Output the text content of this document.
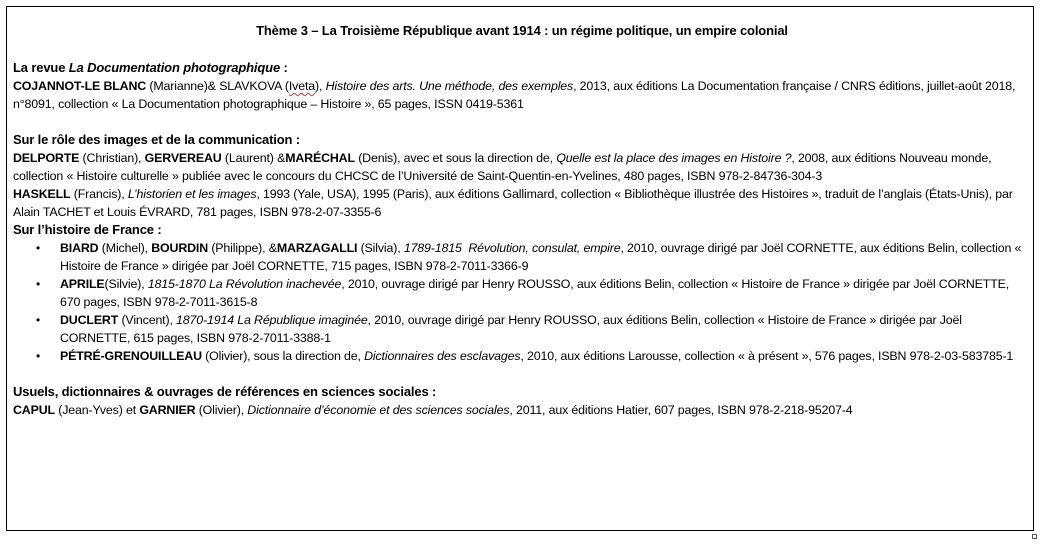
Thème 3 – La Troisième République avant 1914 : un régime politique, un empire colonial

La revue La Documentation photographique :

COJANNOT-LE BLANC (Marianne)& SLAVKOVA (Iveta), Histoire des arts. Une méthode, des exemples, 2013, aux éditions La Documentation française / CNRS éditions, juillet-août 2018, n°8091, collection « La Documentation photographique – Histoire », 65 pages, ISSN 0419-5361

Sur le rôle des images et de la communication :

DELPORTE (Christian), GERVEREAU (Laurent) &MARÉCHAL (Denis), avec et sous la direction de, Quelle est la place des images en Histoire ?, 2008, aux éditions Nouveau monde, collection « Histoire culturelle » publiée avec le concours du CHCSC de l’Université de Saint-Quentin-en-Yvelines, 480 pages, ISBN 978-2-84736-304-3

HASKELL (Francis), L’historien et les images, 1993 (Yale, USA), 1995 (Paris), aux éditions Gallimard, collection « Bibliothèque illustrée des Histoires », traduit de l’anglais (États-Unis), par Alain TACHET et Louis ÉVRARD, 781 pages, ISBN 978-2-07-3355-6

Sur l’histoire de France :

• BIARD (Michel), BOURDIN (Philippe), &MARZAGALLI (Silvia), 1789-1815  Révolution, consulat, empire, 2010, ouvrage dirigé par Joël CORNETTE, aux éditions Belin, collection « Histoire de France » dirigée par Joël CORNETTE, 715 pages, ISBN 978-2-7011-3366-9
• APRILE(Silvie), 1815-1870 La Révolution inachevée, 2010, ouvrage dirigé par Henry ROUSSO, aux éditions Belin, collection « Histoire de France » dirigée par Joël CORNETTE, 670 pages, ISBN 978-2-7011-3615-8
• DUCLERT (Vincent), 1870-1914 La République imaginée, 2010, ouvrage dirigé par Henry ROUSSO, aux éditions Belin, collection « Histoire de France » dirigée par Joël CORNETTE, 615 pages, ISBN 978-2-7011-3388-1
• PÉTRÉ-GRENOUILLEAU (Olivier), sous la direction de, Dictionnaires des esclavages, 2010, aux éditions Larousse, collection « à présent », 576 pages, ISBN 978-2-03-583785-1

Usuels, dictionnaires & ouvrages de références en sciences sociales :

CAPUL (Jean-Yves) et GARNIER (Olivier), Dictionnaire d’économie et des sciences sociales, 2011, aux éditions Hatier, 607 pages, ISBN 978-2-218-95207-4
